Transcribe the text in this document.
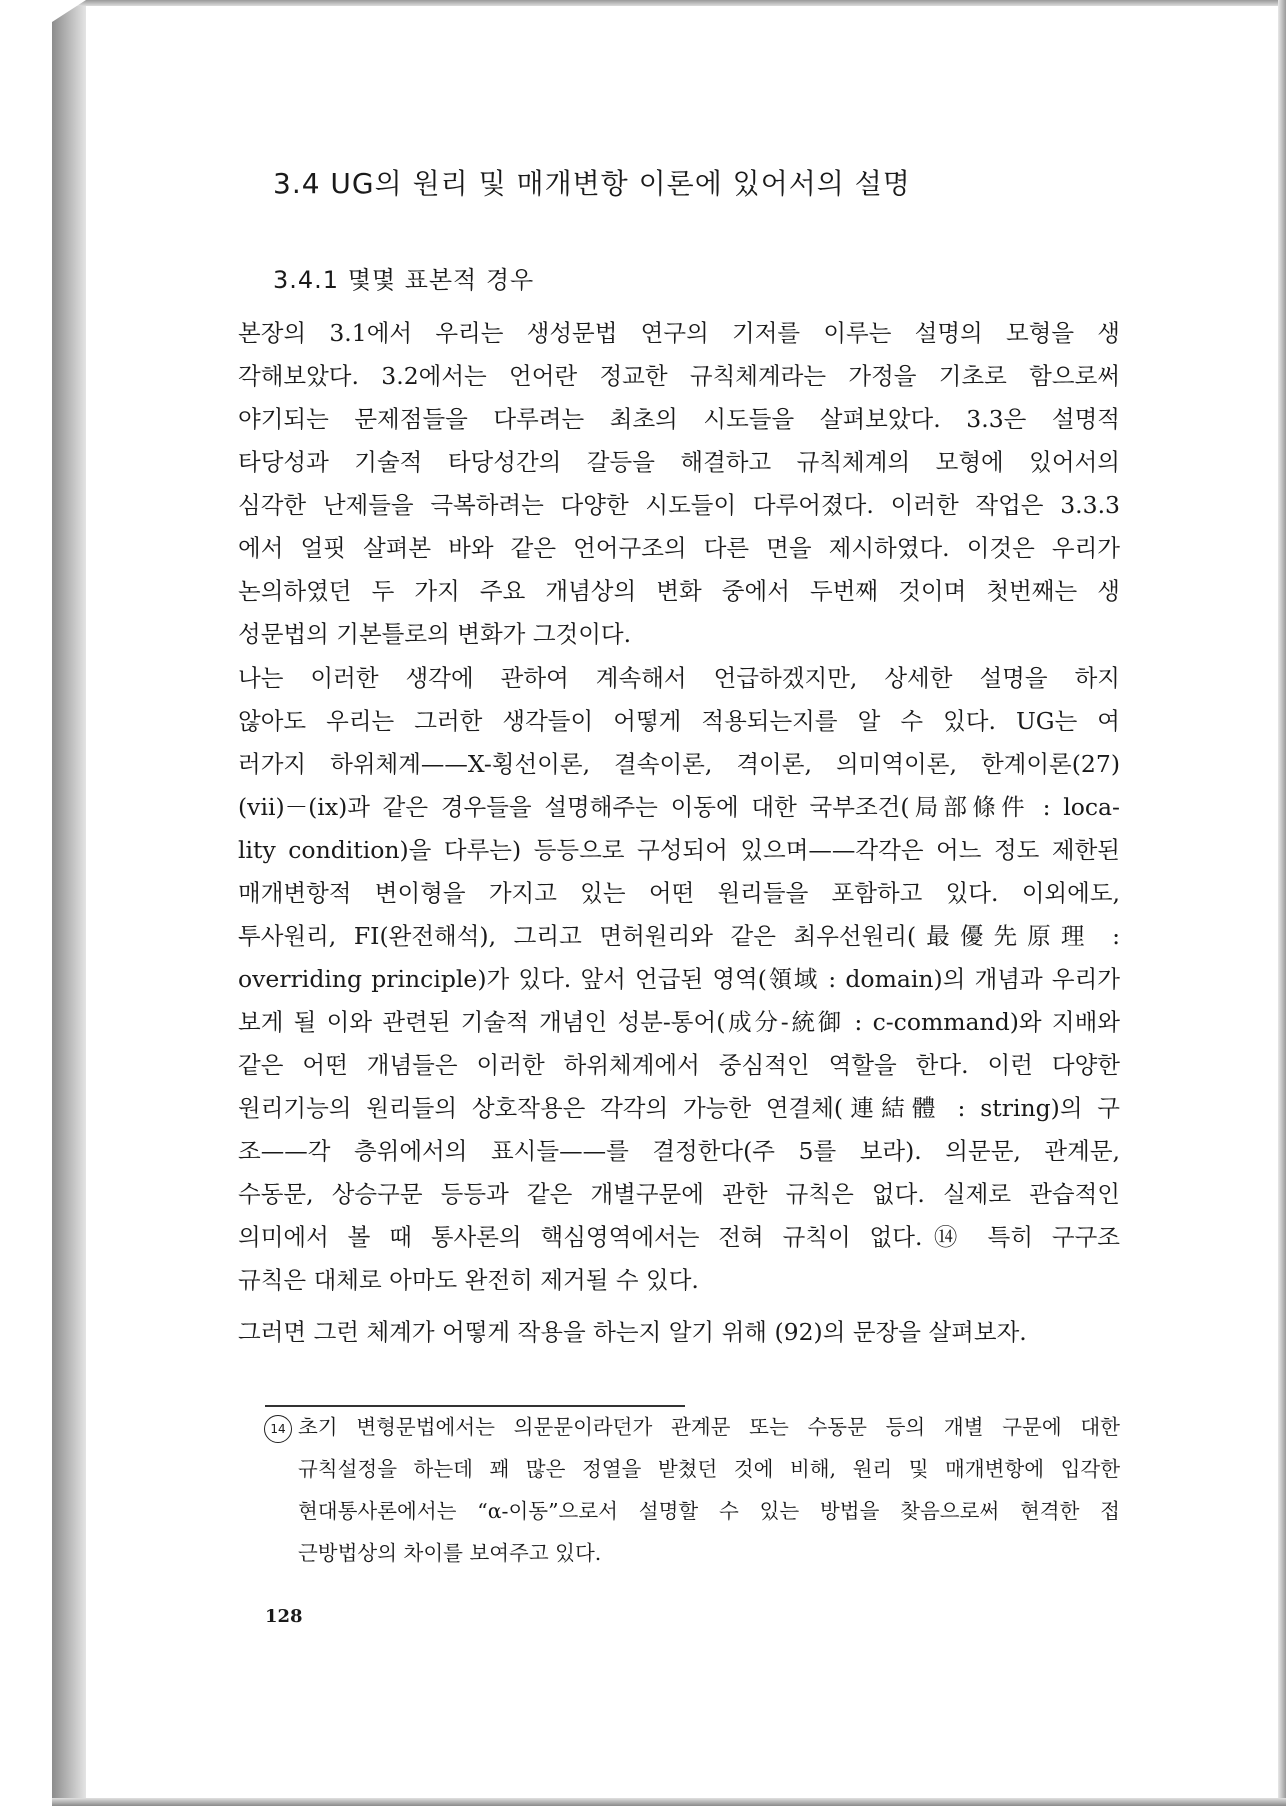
3.4 UG의 원리 및 매개변항 이론에 있어서의 설명
3.4.1 몇몇 표본적 경우
본장의 3.1에서 우리는 생성문법 연구의 기저를 이루는 설명의 모형을 생
각해보았다. 3.2에서는 언어란 정교한 규칙체계라는 가정을 기초로 함으로써
야기되는 문제점들을 다루려는 최초의 시도들을 살펴보았다. 3.3은 설명적
타당성과 기술적 타당성간의 갈등을 해결하고 규칙체계의 모형에 있어서의
심각한 난제들을 극복하려는 다양한 시도들이 다루어졌다. 이러한 작업은 3.3.3
에서 얼핏 살펴본 바와 같은 언어구조의 다른 면을 제시하였다. 이것은 우리가
논의하였던 두 가지 주요 개념상의 변화 중에서 두번째 것이며 첫번째는 생
성문법의 기본틀로의 변화가 그것이다.
나는 이러한 생각에 관하여 계속해서 언급하겠지만, 상세한 설명을 하지
않아도 우리는 그러한 생각들이 어떻게 적용되는지를 알 수 있다. UG는 여
러가지 하위체계——X-횡선이론, 결속이론, 격이론, 의미역이론, 한계이론(27)
(vii)－(ix)과 같은 경우들을 설명해주는 이동에 대한 국부조건(局部條件 : loca-
lity condition)을 다루는) 등등으로 구성되어 있으며——각각은 어느 정도 제한된
매개변항적 변이형을 가지고 있는 어떤 원리들을 포함하고 있다. 이외에도,
투사원리, FI(완전해석), 그리고 면허원리와 같은 최우선원리(最優先原理 :
overriding principle)가 있다. 앞서 언급된 영역(領域 : domain)의 개념과 우리가
보게 될 이와 관련된 기술적 개념인 성분-통어(成分-統御 : c-command)와 지배와
같은 어떤 개념들은 이러한 하위체계에서 중심적인 역할을 한다. 이런 다양한
원리기능의 원리들의 상호작용은 각각의 가능한 연결체(連結體 : string)의 구
조——각 층위에서의 표시들——를 결정한다(주 5를 보라). 의문문, 관계문,
수동문, 상승구문 등등과 같은 개별구문에 관한 규칙은 없다. 실제로 관습적인
의미에서 볼 때 통사론의 핵심영역에서는 전혀 규칙이 없다.⑭ 특히 구구조
규칙은 대체로 아마도 완전히 제거될 수 있다.
그러면 그런 체계가 어떻게 작용을 하는지 알기 위해 (92)의 문장을 살펴보자.
14 초기 변형문법에서는 의문문이라던가 관계문 또는 수동문 등의 개별 구문에 대한
규칙설정을 하는데 꽤 많은 정열을 받쳤던 것에 비해, 원리 및 매개변항에 입각한
현대통사론에서는 “α-이동”으로서 설명할 수 있는 방법을 찾음으로써 현격한 접
근방법상의 차이를 보여주고 있다.
128
